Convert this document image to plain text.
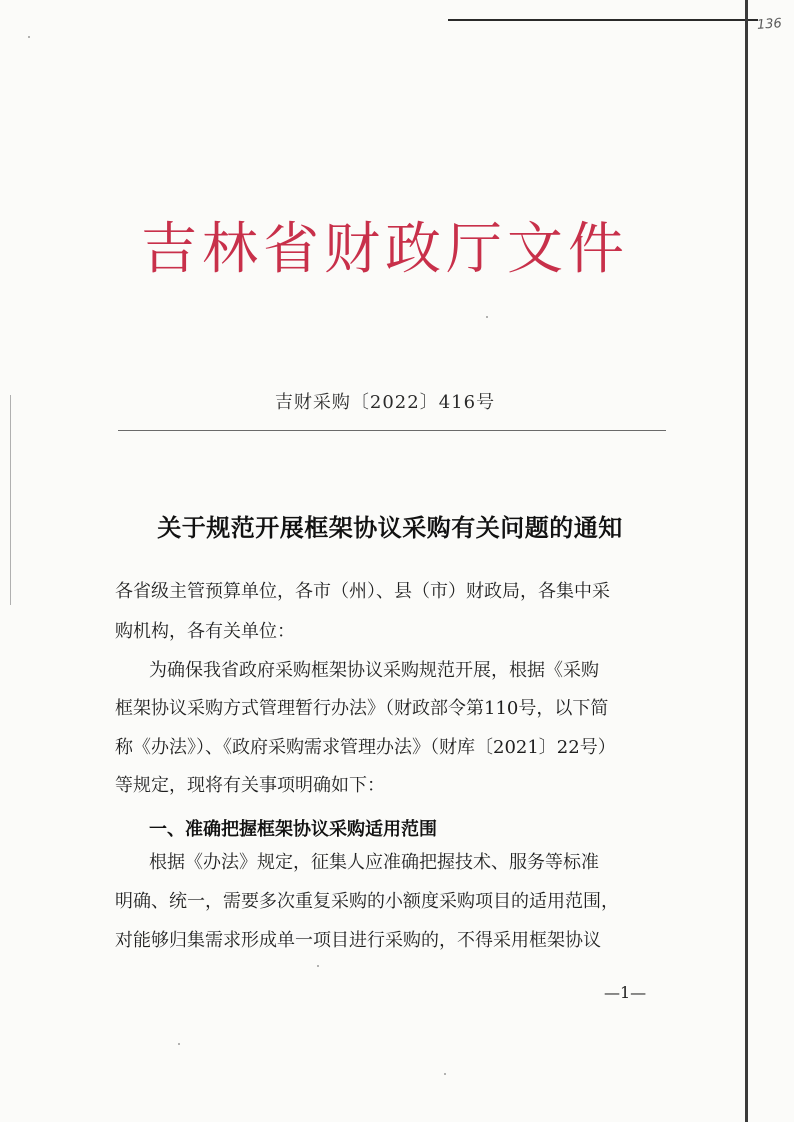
136
吉林省财政厅文件
吉财采购〔2022〕416号
关于规范开展框架协议采购有关问题的通知
各省级主管预算单位，各市（州）、县（市）财政局，各集中采
购机构，各有关单位：
为确保我省政府采购框架协议采购规范开展，根据《采购
框架协议采购方式管理暂行办法》（财政部令第110号，以下简
称《办法》）、《政府采购需求管理办法》（财库〔2021〕22号）
等规定，现将有关事项明确如下：
一、准确把握框架协议采购适用范围
根据《办法》规定，征集人应准确把握技术、服务等标准
明确、统一，需要多次重复采购的小额度采购项目的适用范围，
对能够归集需求形成单一项目进行采购的，不得采用框架协议
—1—
